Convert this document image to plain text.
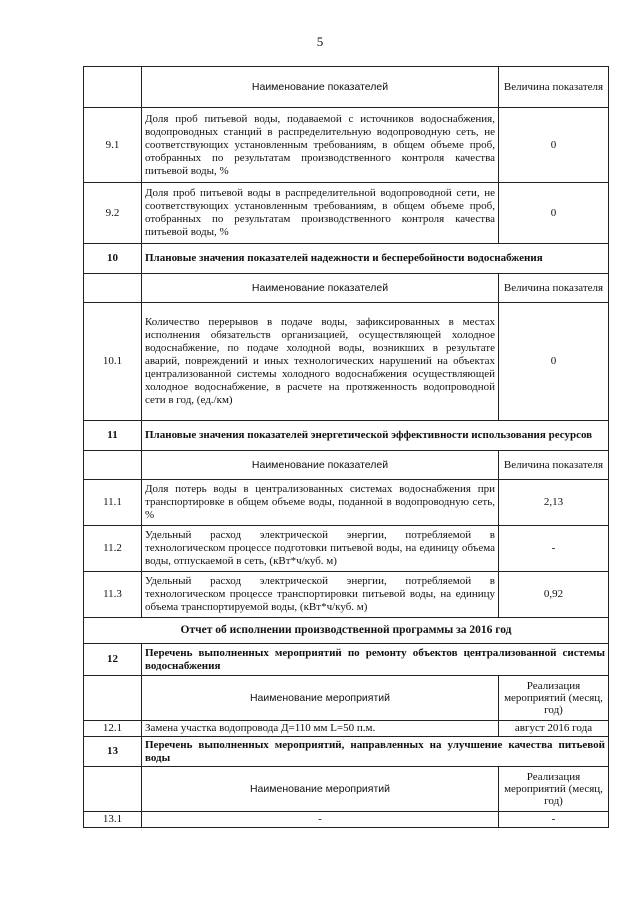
5
	Наименование показателей	Величина показателя
9.1	Доля проб питьевой воды, подаваемой с источников водоснабжения, водопроводных станций в распределительную водопроводную сеть, не соответствующих установленным требованиям, в общем объеме проб, отобранных по результатам производственного контроля качества питьевой воды, %	0
9.2	Доля проб питьевой воды в распределительной водопроводной сети, не соответствующих установленным требованиям, в общем объеме проб, отобранных по результатам производственного контроля качества питьевой воды, %	0
10	Плановые значения показателей надежности и бесперебойности водоснабжения	
	Наименование показателей	Величина показателя
10.1	Количество перерывов в подаче воды, зафиксированных в местах исполнения обязательств организацией, осуществляющей холодное водоснабжение, по подаче холодной воды, возникших в результате аварий, повреждений и иных технологических нарушений на объектах централизованной системы холодного водоснабжения осуществляющей холодное водоснабжение, в расчете на протяженность водопроводной сети в год, (ед./км)	0
11	Плановые значения показателей энергетической эффективности использования ресурсов	
	Наименование показателей	Величина показателя
11.1	Доля потерь воды в централизованных системах водоснабжения при транспортировке в общем объеме воды, поданной в водопроводную сеть, %	2,13
11.2	Удельный расход электрической энергии, потребляемой в технологическом процессе подготовки питьевой воды, на единицу объема воды, отпускаемой в сеть, (кВт*ч/куб. м)	-
11.3	Удельный расход электрической энергии, потребляемой в технологическом процессе транспортировки питьевой воды, на единицу объема транспортируемой воды, (кВт*ч/куб. м)	0,92
Отчет об исполнении производственной программы за 2016 год		
12	Перечень выполненных мероприятий по ремонту объектов централизованной системы водоснабжения	
	Наименование мероприятий	Реализация мероприятий (месяц, год)
12.1	Замена участка водопровода Д=110 мм L=50 п.м.	август 2016 года
13	Перечень выполненных мероприятий, направленных на улучшение качества питьевой воды	
	Наименование мероприятий	Реализация мероприятий (месяц, год)
13.1	-	-
